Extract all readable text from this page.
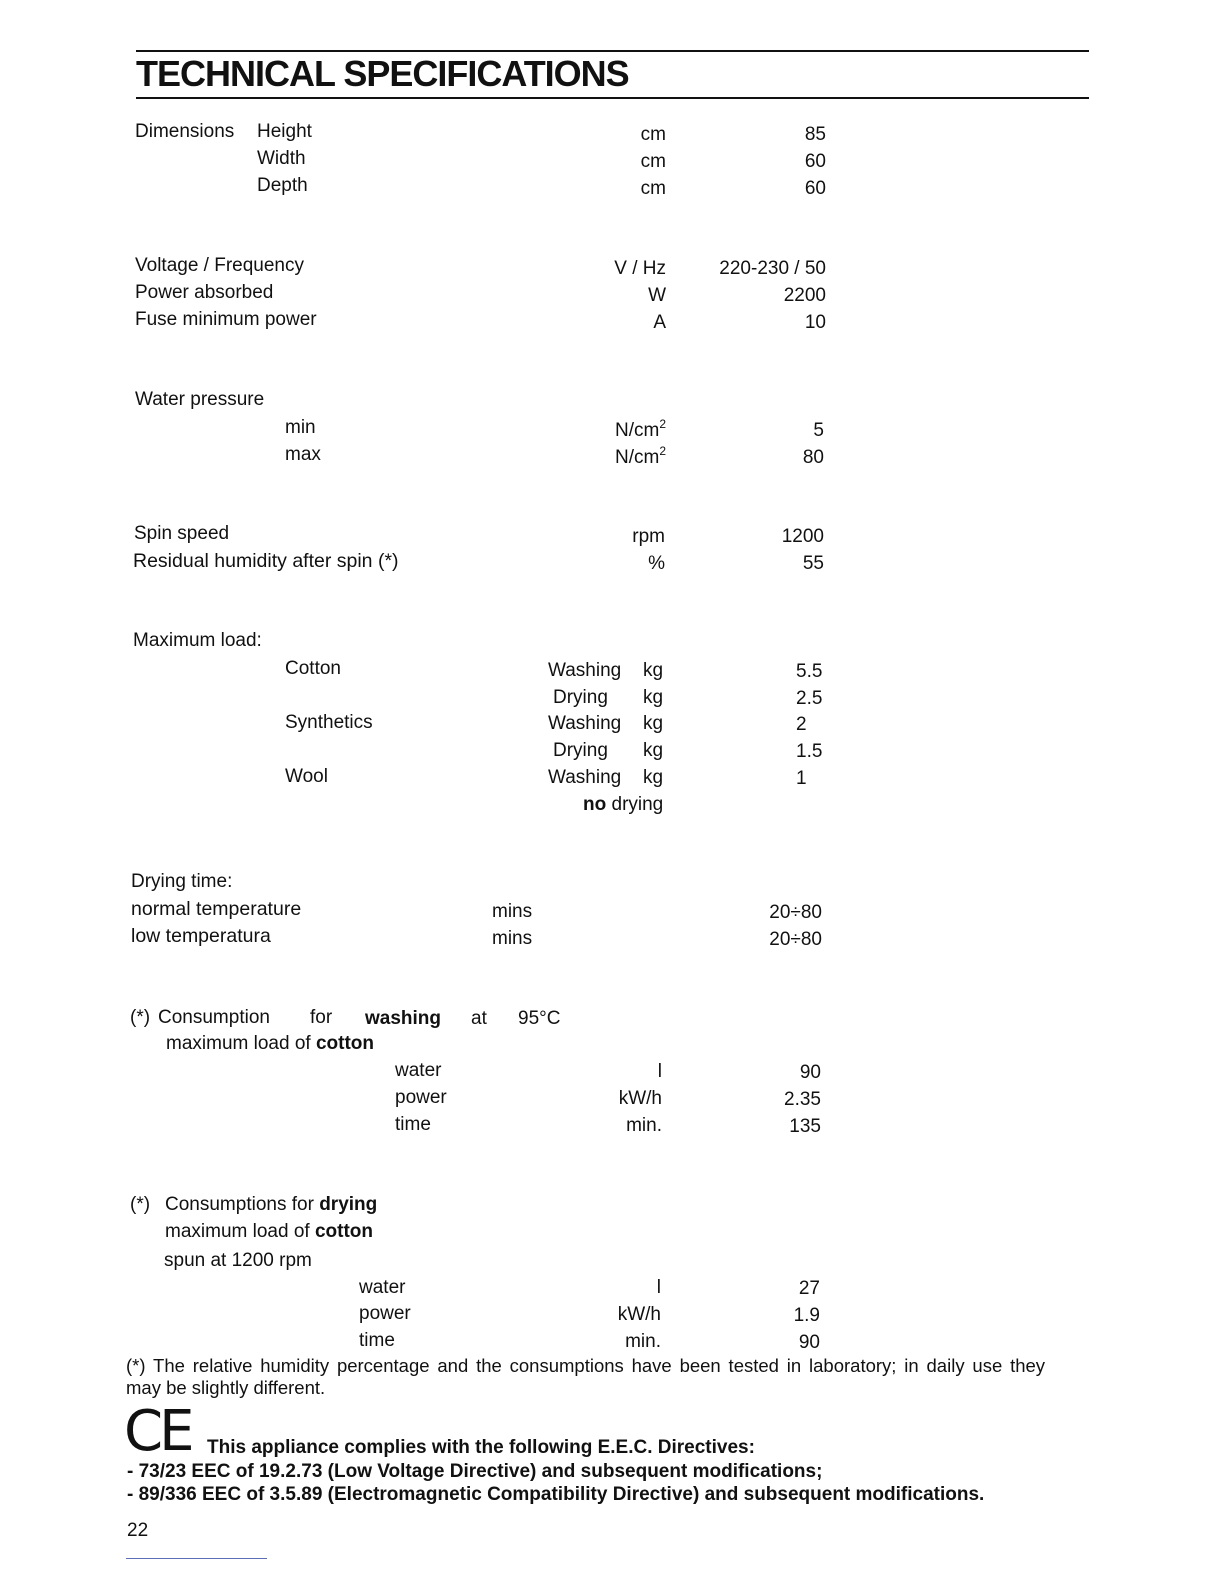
TECHNICAL SPECIFICATIONS
Dimensions Height	cm	85
Width	cm	60
Depth	cm	60
Voltage / Frequency	V / Hz	220-230 / 50
Power absorbed	W	2200
Fuse minimum power	A	10
Water pressure
min	$N/cm^2$	5
max	$N/cm^2$	80
Spin speed	rpm	1200
Residual humidity after spin (*)	%	55
Maximum load:
Cotton	Washing kg	5.5
Drying kg	2.5
Synthetics	Washing kg	2
Drying kg	1.5
Wool	Washing kg	1
no drying
Drying time:
normal temperature	mins	20÷80
low temperatura	mins	20÷80
(*) Consumption for washing at 95°C
maximum load of cotton
water	l	90
power	kW/h	2.35
time	min.	135
(*) Consumptions for drying
maximum load of cotton
spun at 1200 rpm
water	l	27
power	kW/h	1.9
time	min.	90
(*) The relative humidity percentage and the consumptions have been tested in laboratory; in daily use they
may be slightly different.
CE This appliance complies with the following E.E.C. Directives:
- 73/23 EEC of 19.2.73 (Low Voltage Directive) and subsequent modifications;
- 89/336 EEC of 3.5.89 (Electromagnetic Compatibility Directive) and subsequent modifications.
22
